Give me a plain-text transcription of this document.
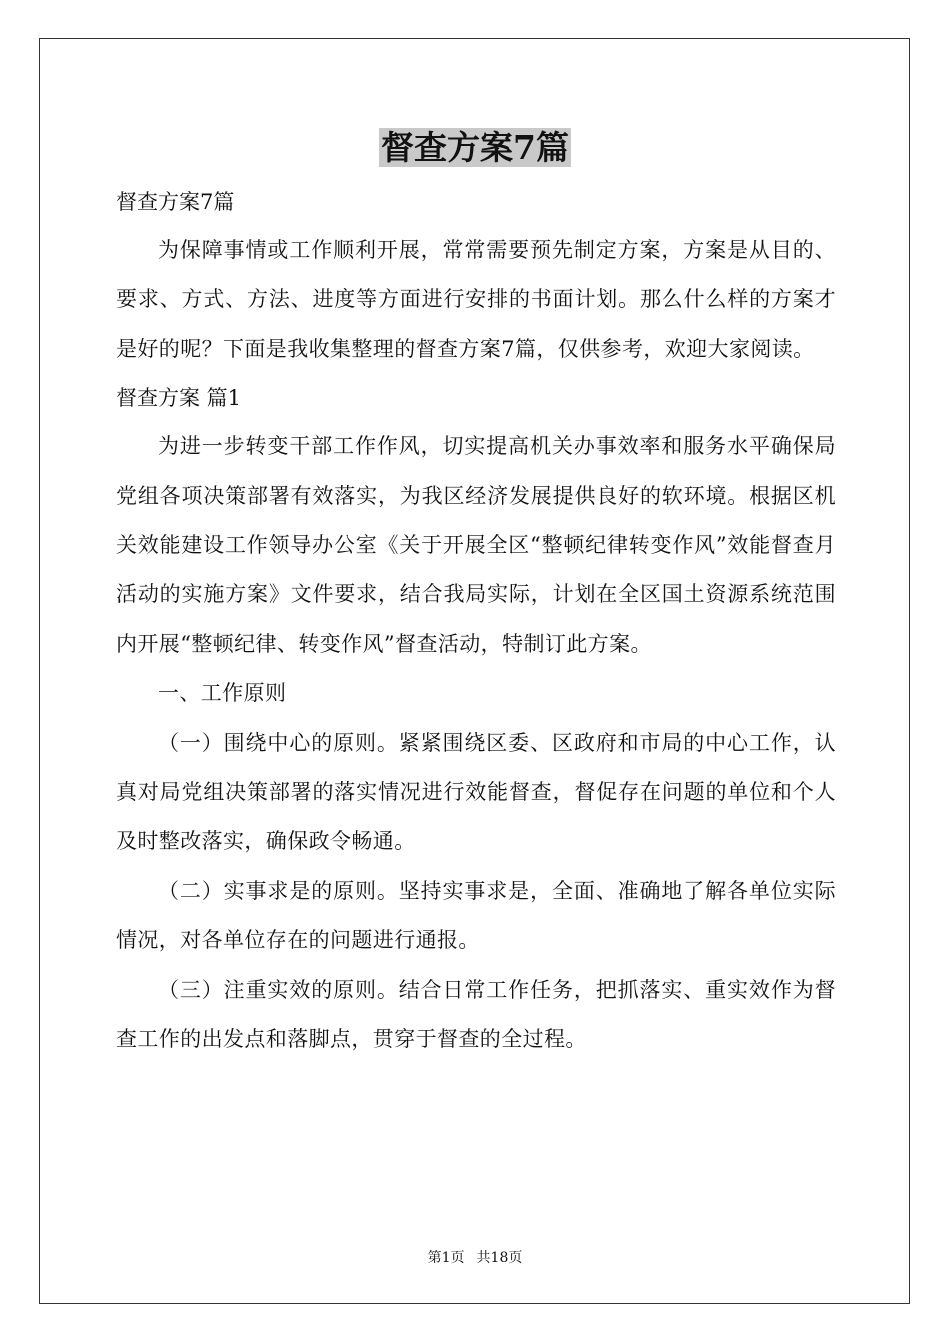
督查方案7篇

督查方案7篇

为保障事情或工作顺利开展，常常需要预先制定方案，方案是从目的、要求、方式、方法、进度等方面进行安排的书面计划。那么什么样的方案才是好的呢？下面是我收集整理的督查方案7篇，仅供参考，欢迎大家阅读。

督查方案 篇1

为进一步转变干部工作作风，切实提高机关办事效率和服务水平确保局党组各项决策部署有效落实，为我区经济发展提供良好的软环境。根据区机关效能建设工作领导办公室《关于开展全区“整顿纪律转变作风”效能督查月活动的实施方案》文件要求，结合我局实际，计划在全区国土资源系统范围内开展“整顿纪律、转变作风”督查活动，特制订此方案。

一、工作原则

（一）围绕中心的原则。紧紧围绕区委、区政府和市局的中心工作，认真对局党组决策部署的落实情况进行效能督查，督促存在问题的单位和个人及时整改落实，确保政令畅通。

（二）实事求是的原则。坚持实事求是，全面、准确地了解各单位实际情况，对各单位存在的问题进行通报。

（三）注重实效的原则。结合日常工作任务，把抓落实、重实效作为督查工作的出发点和落脚点，贯穿于督查的全过程。

第1页 共18页
